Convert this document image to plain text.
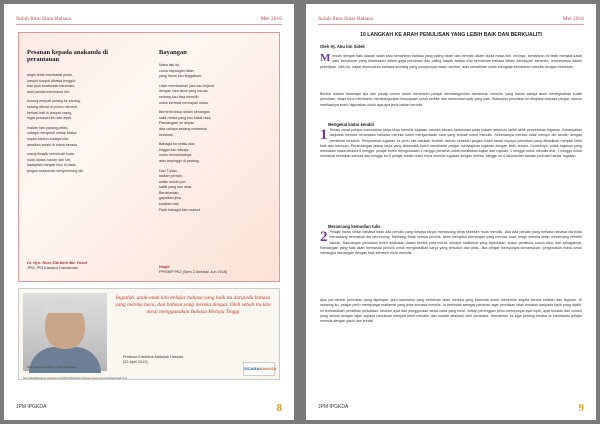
Suluh Ilmu Sinar Bahasa	Mei 2016
Pesanan kepada anakanda di perantauan
angin teluk membadai pulau,
hanyut rumpai dibawa tenggiri;
biar jauh anakanda merantau,
asal pandai membawa diri.
burung merpati pulang ke sarang,
sarang dibuat di pohon meranti;
berhati-hati di tempat orang,
ingat pesanan ibu dan ayah.
malam hari pasang pelita,
cahaya menyuluh setiap ketika;
sopan santun budaya kita,
amalkan selalu di mana berada.
orang disayik memecah kuda,
kuda dipacu kanan dan kiri;
hadapilah banyak ilmu di dada,
jangan anakanda menyombong diri.
Dr. Hj.h. Noor Zila binti Md. Yusuf
JPM, IPG Kampus Darulaman
Bayangan
Masa lalu itu,
cuma bayangan hitam
yang harus kau tinggalkan.
Usah membiarkan jiwa kau terjerat
dengan luka lama yang sia-sia
sedang kau bisa memilih
untuk kembali memapak masa.
Berhenti hidup dalam kenangan
sakit rahsia yang kau bakal rasa.
Pandanglah ke depan
ada cahaya sedang melambai
kerianan,
Bahagia itu selalu ada
tinggal kau sahaja,
mahu mendekatinya
atau terpinggir di padang.
Dan Tuhan,
takkan pernah,
walau sekali pun
sakiti yang kau rasa.
Bertahanlah,
gapaikan jiwa
kuatkan hati.
Pasti bahagia kan muncul.
Haqib
PPISMP PK2 (Sem 2 Ambilan Jun 2015)
http://www.pendidik.com/sinarbahasa
Ingatlah, anak-anak kita belajar bahasa yang baik itu daripada bahasa yang mereka baca, dan bahasa yang mereka dengar. Oleh sebab itu kita mesti menggunakan Bahasa Melayu Tinggi
Profesor Emeritus Abdullah Hassan
(22 April 2012)
http://abdullahassan.blogspot.com/2012/04/tulisan-bahasa-melayu-tinggi-bahasa-baik.html
SICARABAHASA
JPM IPGKDA	8
Suluh Ilmu Sinar Bahasa	Mei 2016
10 LANGKAH KE ARAH PENULISAN YANG LEBIH BAIK DAN BERKUALITI
Oleh Hj. Abu bin Sidek
Menulis dengan baik adalah salah satu kemahiran bahasa yang paling dicari dan bernilai dalam dunia masa kini. Inininya, kemahiran ini telah menjadi salah satu kemahiran yang dinamakan dalam gaya penulisan dan paling bawah antara nilai kemahiran bahasa dalam kehidupan seharian, terutamanya dalam pekerjaan. Oleh itu, dapat dirumuskan bahawa seorang yang mempunyai masa, sumber, atau kemahiran untuk mengejar kemahiran menulis dengan berkesan.
Berikut adalah beberapa tips dan prinsip umum untuk membantu pelajar membangunkan kemahiran menulis, yang bukan sahaja akan meningkatkan kualiti penulisan, tetapi turut membantu membangunkan keupayaan untuk berfikir dan menerokai topik yang luas. Walaupun penulisan ini ditujukan kepada pelajar, namun manfaatnya boleh digunakan untuk apa-apa jenis bahan bertulis.
Mengekal kadar kendiri
1 Terlalu ramai pelajar memulakan kerja-kerja menulis tugasan mereka secara berterusan pada malam sebelum tarikh akhir penyerahan tugasan. Kebanyakan daripada mereka beranaban bahawa mereka boleh menguruskan cara yang terbaik untuk menulis. Sebenarnya mereka tidak menipu diri sendiri dengan pemikiran tersebut. Penyerahan tugasan ini perlu kita lakukan terlebih dahulu sebelum jangka masa tamat supaya penulisan yang dihasilkan menjadi lebih baik dan bermutu. Perancangan jadual kerja yang sistematik boleh membantu pelajar menyiapkan tugasan dengan lebih teratur. Contohnya, untuk tugasan yang memakan masa selama 6 minggu, pelajar boleh menguruskan 2 minggu pertama untuk melakukan kajian dan rujukan, 1 minggu untuk menulis draf, 1 minggu untuk membuat semakan semula dan minggu ke-5 pelajar sudah boleh mula menulis tugasan dengan selesa. Minggu ke-6 lakukanlah bacaan pruf dan hantar tugasan.
Merancang kemudian tulis
2 Pelajar harus sedar bahawa tidak ada penulis yang berjaya tanpa merancang kerja sebelum mula menulis. Jika ada penulis yang berkata bahawa dia tidak merancang bermakna dia berbohong. Memang, tidak semua penulis, akan mengikut rancangan yang mereka buat, tetapi mereka tetap merancang terlebih dahulu. Rancangan penulisan boleh dilakukan dalam bentuk peta minda, senarai maklumat yang diperlukan, susun peristiwa, susun idea, dan sebagainya. Rancangan yang baik akan memandu penulis untuk menghasilkan karya yang tersusun dan jelas. Jika pelajar mempunyai kemampuan, pergunakan masa untuk merangka rancangan dengan baik sebelum mula menulis.
Apa jua bentuk penulisan yang dipelajari, guru kaunselor yang berkesan ialah mereka yang bersedia untuk menerima segala bentuk kritikan dan teguran. Di samping itu, pelajar perlu mempunyai matlamat yang jelas semasa menulis. Ia bertindak sebagai panduan agar penulisan tidak tersasar daripada topik yang dipilih. Ini termasuklah pemilihan perkataan, struktur ayat dan penggunaan tanda baca yang betul. Setiap perenggan perlu mempunyai ayat topik, ayat huraian dan contoh yang sesuai dengan tajuk supaya penulisan menjadi lebih menarik dan mudah difahami oleh pembaca. Kemahiran ini juga penting kerana ia membantu pelajar menulis dengan yakin dan kreatif.
JPM IPGKDA	9
